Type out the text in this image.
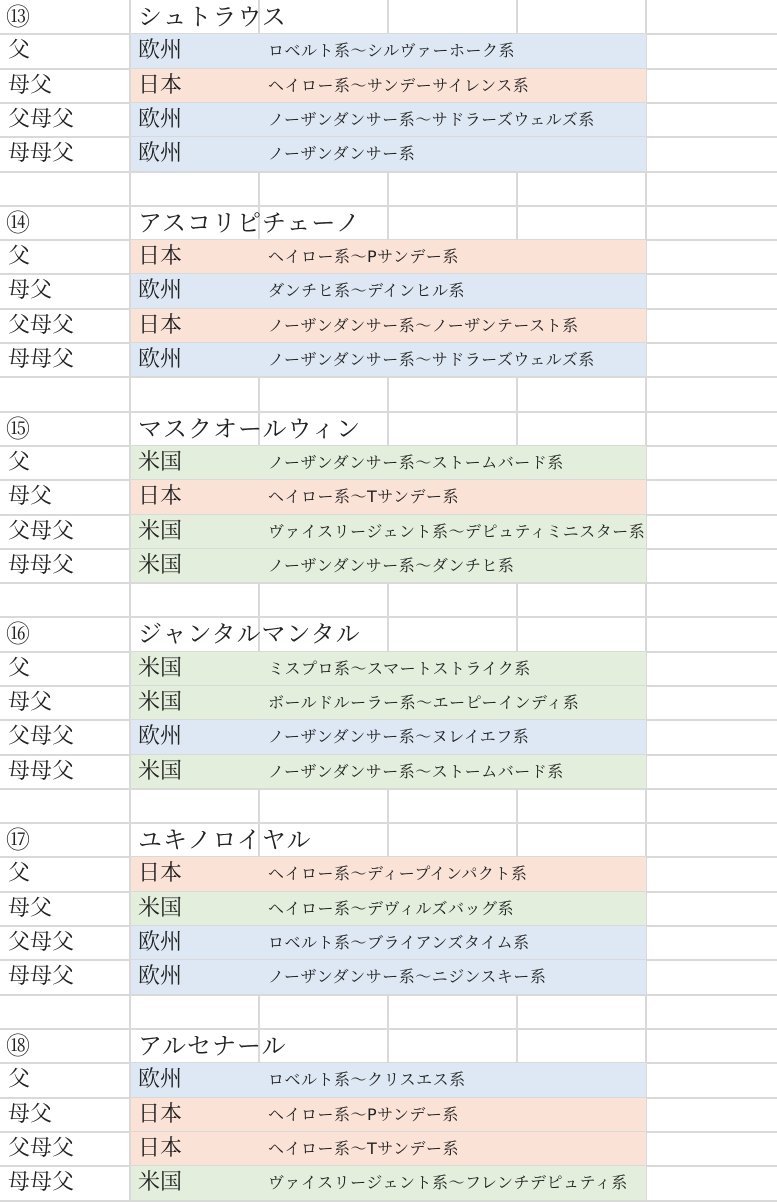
⑬	シュトラウス
父	欧州	ロベルト系～シルヴァーホーク系
母父	日本	ヘイロー系～サンデーサイレンス系
父母父	欧州	ノーザンダンサー系～サドラーズウェルズ系
母母父	欧州	ノーザンダンサー系
⑭	アスコリピチェーノ
父	日本	ヘイロー系～Pサンデー系
母父	欧州	ダンチヒ系～デインヒル系
父母父	日本	ノーザンダンサー系～ノーザンテースト系
母母父	欧州	ノーザンダンサー系～サドラーズウェルズ系
⑮	マスクオールウィン
父	米国	ノーザンダンサー系～ストームバード系
母父	日本	ヘイロー系～Tサンデー系
父母父	米国	ヴァイスリージェント系～デピュティミニスター系
母母父	米国	ノーザンダンサー系～ダンチヒ系
⑯	ジャンタルマンタル
父	米国	ミスプロ系～スマートストライク系
母父	米国	ボールドルーラー系～エーピーインディ系
父母父	欧州	ノーザンダンサー系～ヌレイエフ系
母母父	米国	ノーザンダンサー系～ストームバード系
⑰	ユキノロイヤル
父	日本	ヘイロー系～ディープインパクト系
母父	米国	ヘイロー系～デヴィルズバッグ系
父母父	欧州	ロベルト系～ブライアンズタイム系
母母父	欧州	ノーザンダンサー系～ニジンスキー系
⑱	アルセナール
父	欧州	ロベルト系～クリスエス系
母父	日本	ヘイロー系～Pサンデー系
父母父	日本	ヘイロー系～Tサンデー系
母母父	米国	ヴァイスリージェント系～フレンチデピュティ系
